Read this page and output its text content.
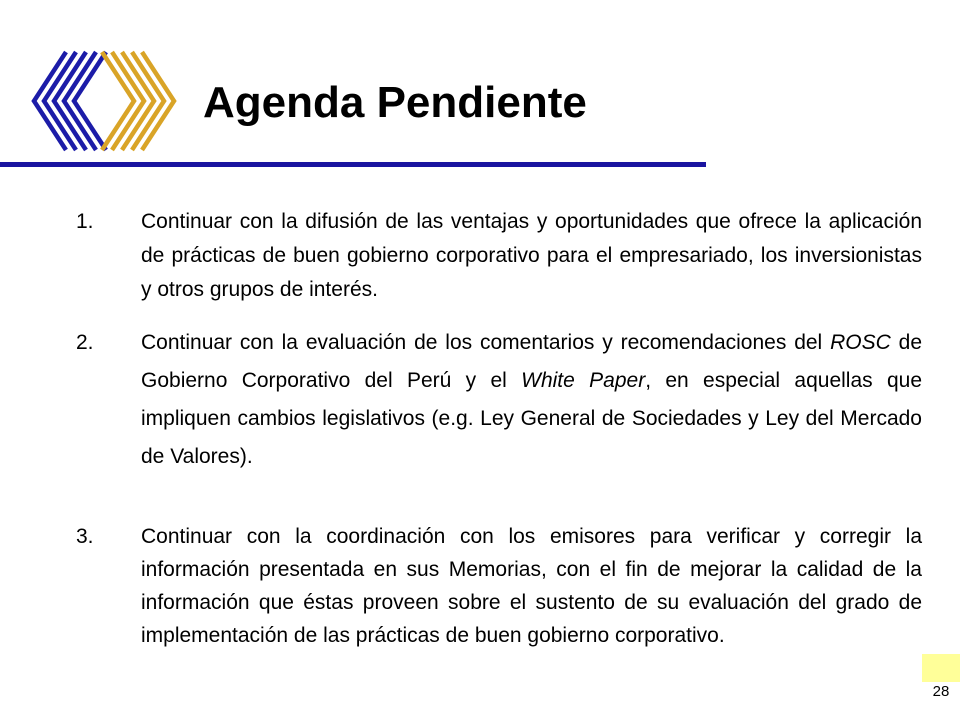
Agenda Pendiente
1. Continuar con la difusión de las ventajas y oportunidades que ofrece la aplicación de prácticas de buen gobierno corporativo para el empresariado, los inversionistas y otros grupos de interés.
2. Continuar con la evaluación de los comentarios y recomendaciones del ROSC de Gobierno Corporativo del Perú y el White Paper, en especial aquellas que impliquen cambios legislativos (e.g. Ley General de Sociedades y Ley del Mercado de Valores).
3. Continuar con la coordinación con los emisores para verificar y corregir la información presentada en sus Memorias, con el fin de mejorar la calidad de la información que éstas proveen sobre el sustento de su evaluación del grado de implementación de las prácticas de buen gobierno corporativo.
28
